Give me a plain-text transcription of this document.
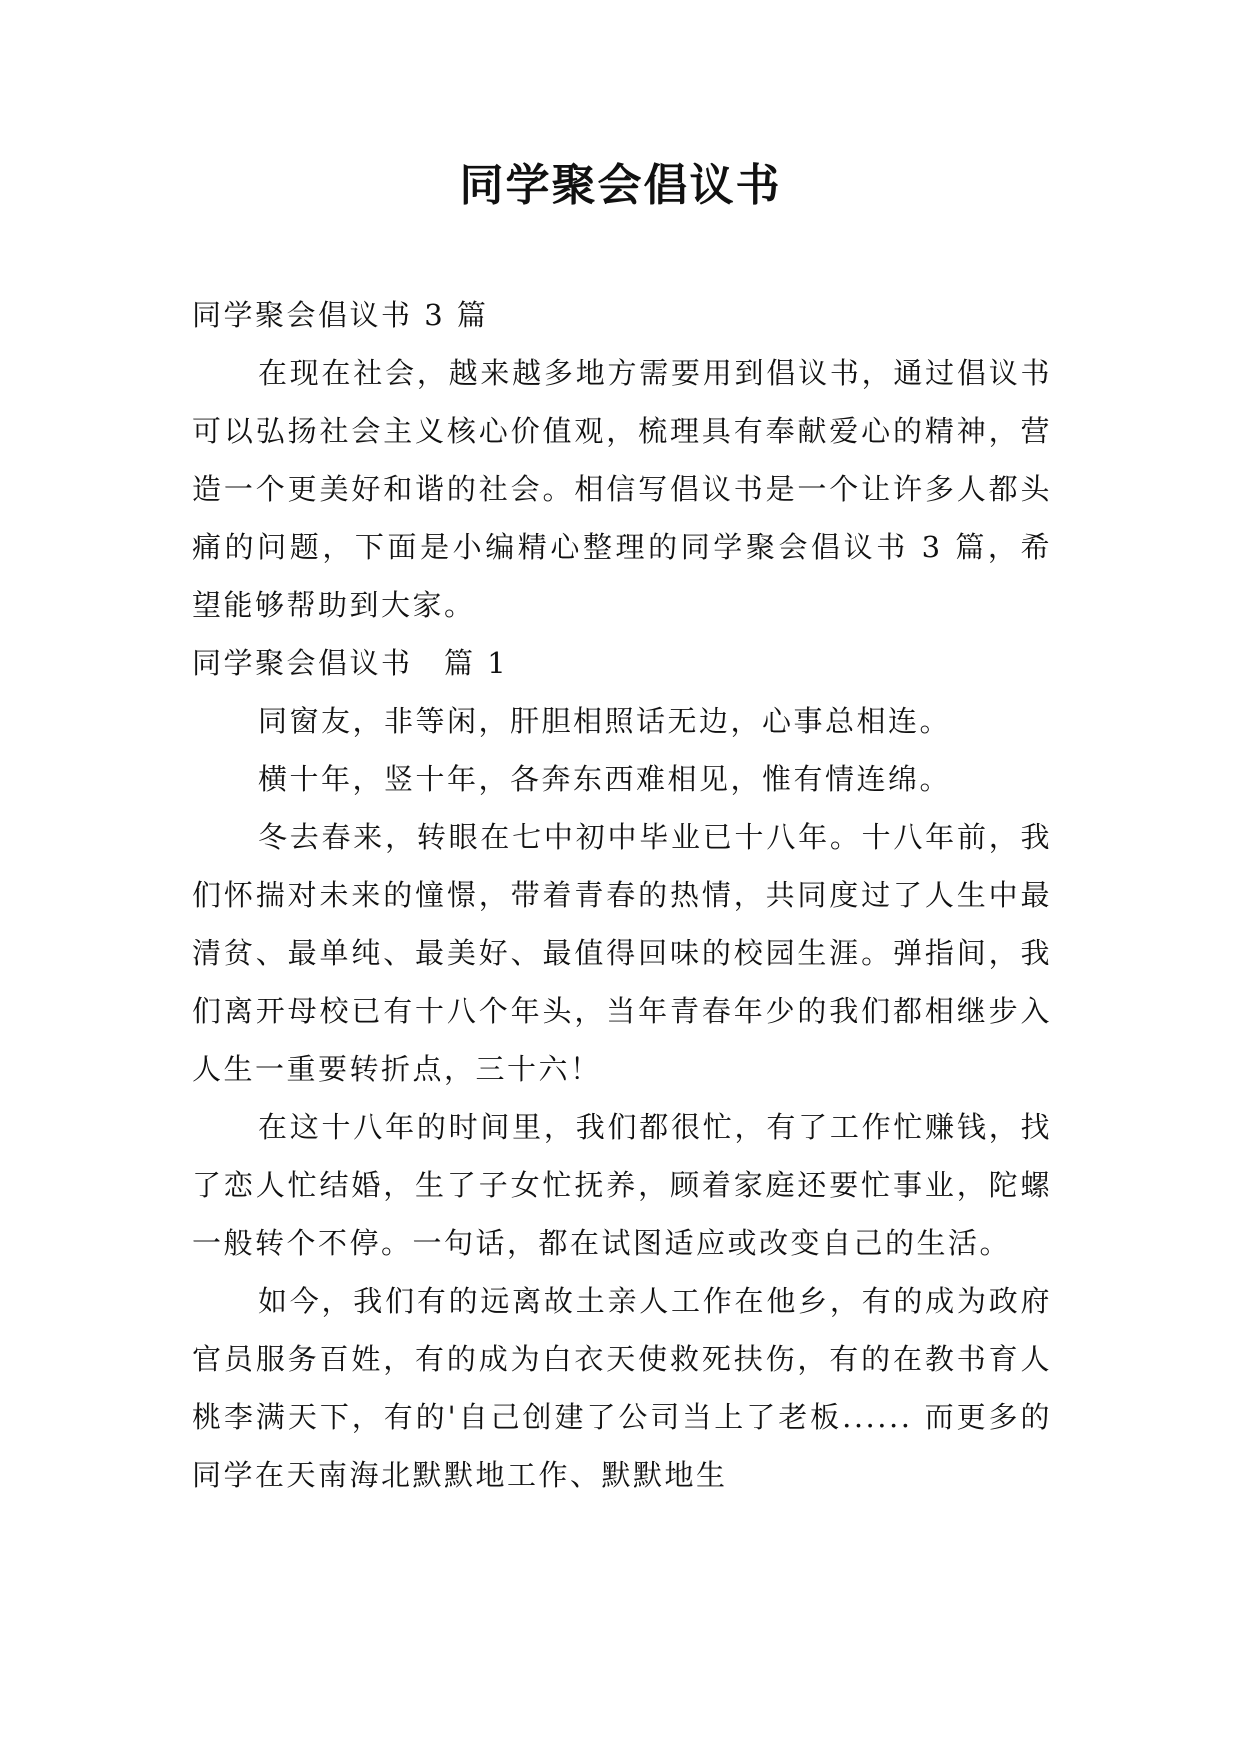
同学聚会倡议书

同学聚会倡议书 3 篇

在现在社会，越来越多地方需要用到倡议书，通过倡议书可以弘扬社会主义核心价值观，梳理具有奉献爱心的精神，营造一个更美好和谐的社会。相信写倡议书是一个让许多人都头痛的问题，下面是小编精心整理的同学聚会倡议书 3 篇，希望能够帮助到大家。

同学聚会倡议书　篇 1

同窗友，非等闲，肝胆相照话无边，心事总相连。

横十年，竖十年，各奔东西难相见，惟有情连绵。

冬去春来，转眼在七中初中毕业已十八年。十八年前，我们怀揣对未来的憧憬，带着青春的热情，共同度过了人生中最清贫、最单纯、最美好、最值得回味的校园生涯。弹指间，我们离开母校已有十八个年头，当年青春年少的我们都相继步入人生一重要转折点，三十六！

在这十八年的时间里，我们都很忙，有了工作忙赚钱，找了恋人忙结婚，生了子女忙抚养，顾着家庭还要忙事业，陀螺一般转个不停。一句话，都在试图适应或改变自己的生活。

如今，我们有的远离故土亲人工作在他乡，有的成为政府官员服务百姓，有的成为白衣天使救死扶伤，有的在教书育人桃李满天下，有的'自己创建了公司当上了老板...... 而更多的同学在天南海北默默地工作、默默地生
